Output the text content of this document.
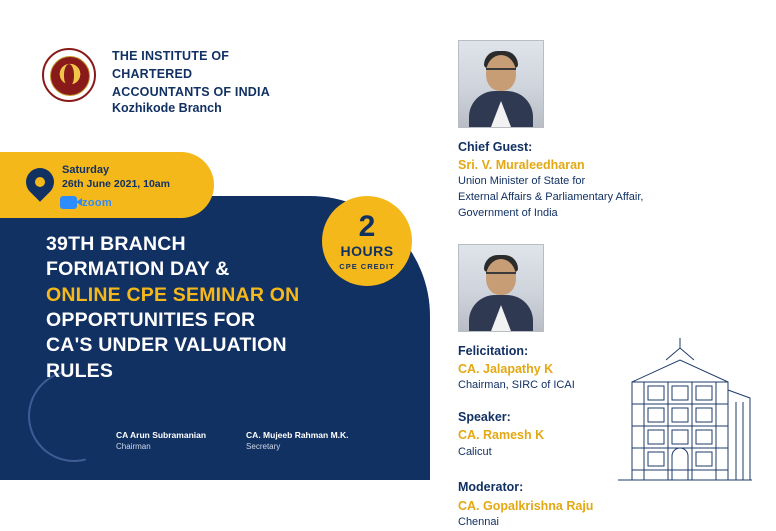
THE INSTITUTE OF
CHARTERED
ACCOUNTANTS OF INDIA
Kozhikode Branch
Saturday
26th June 2021, 10am
zoom
39TH BRANCH
FORMATION DAY &
ONLINE CPE SEMINAR ON
OPPORTUNITIES FOR
CA'S UNDER VALUATION
RULES
2
HOURS
CPE CREDIT
CA Arun Subramanian
Chairman
CA. Mujeeb Rahman M.K.
Secretary
Chief Guest:
Sri. V. Muraleedharan
Union Minister of State for
External Affairs & Parliamentary Affair,
Government of India
Felicitation:
CA. Jalapathy K
Chairman, SIRC of ICAI
Speaker:
CA. Ramesh K
Calicut
Moderator:
CA. Gopalkrishna Raju
Chennai
